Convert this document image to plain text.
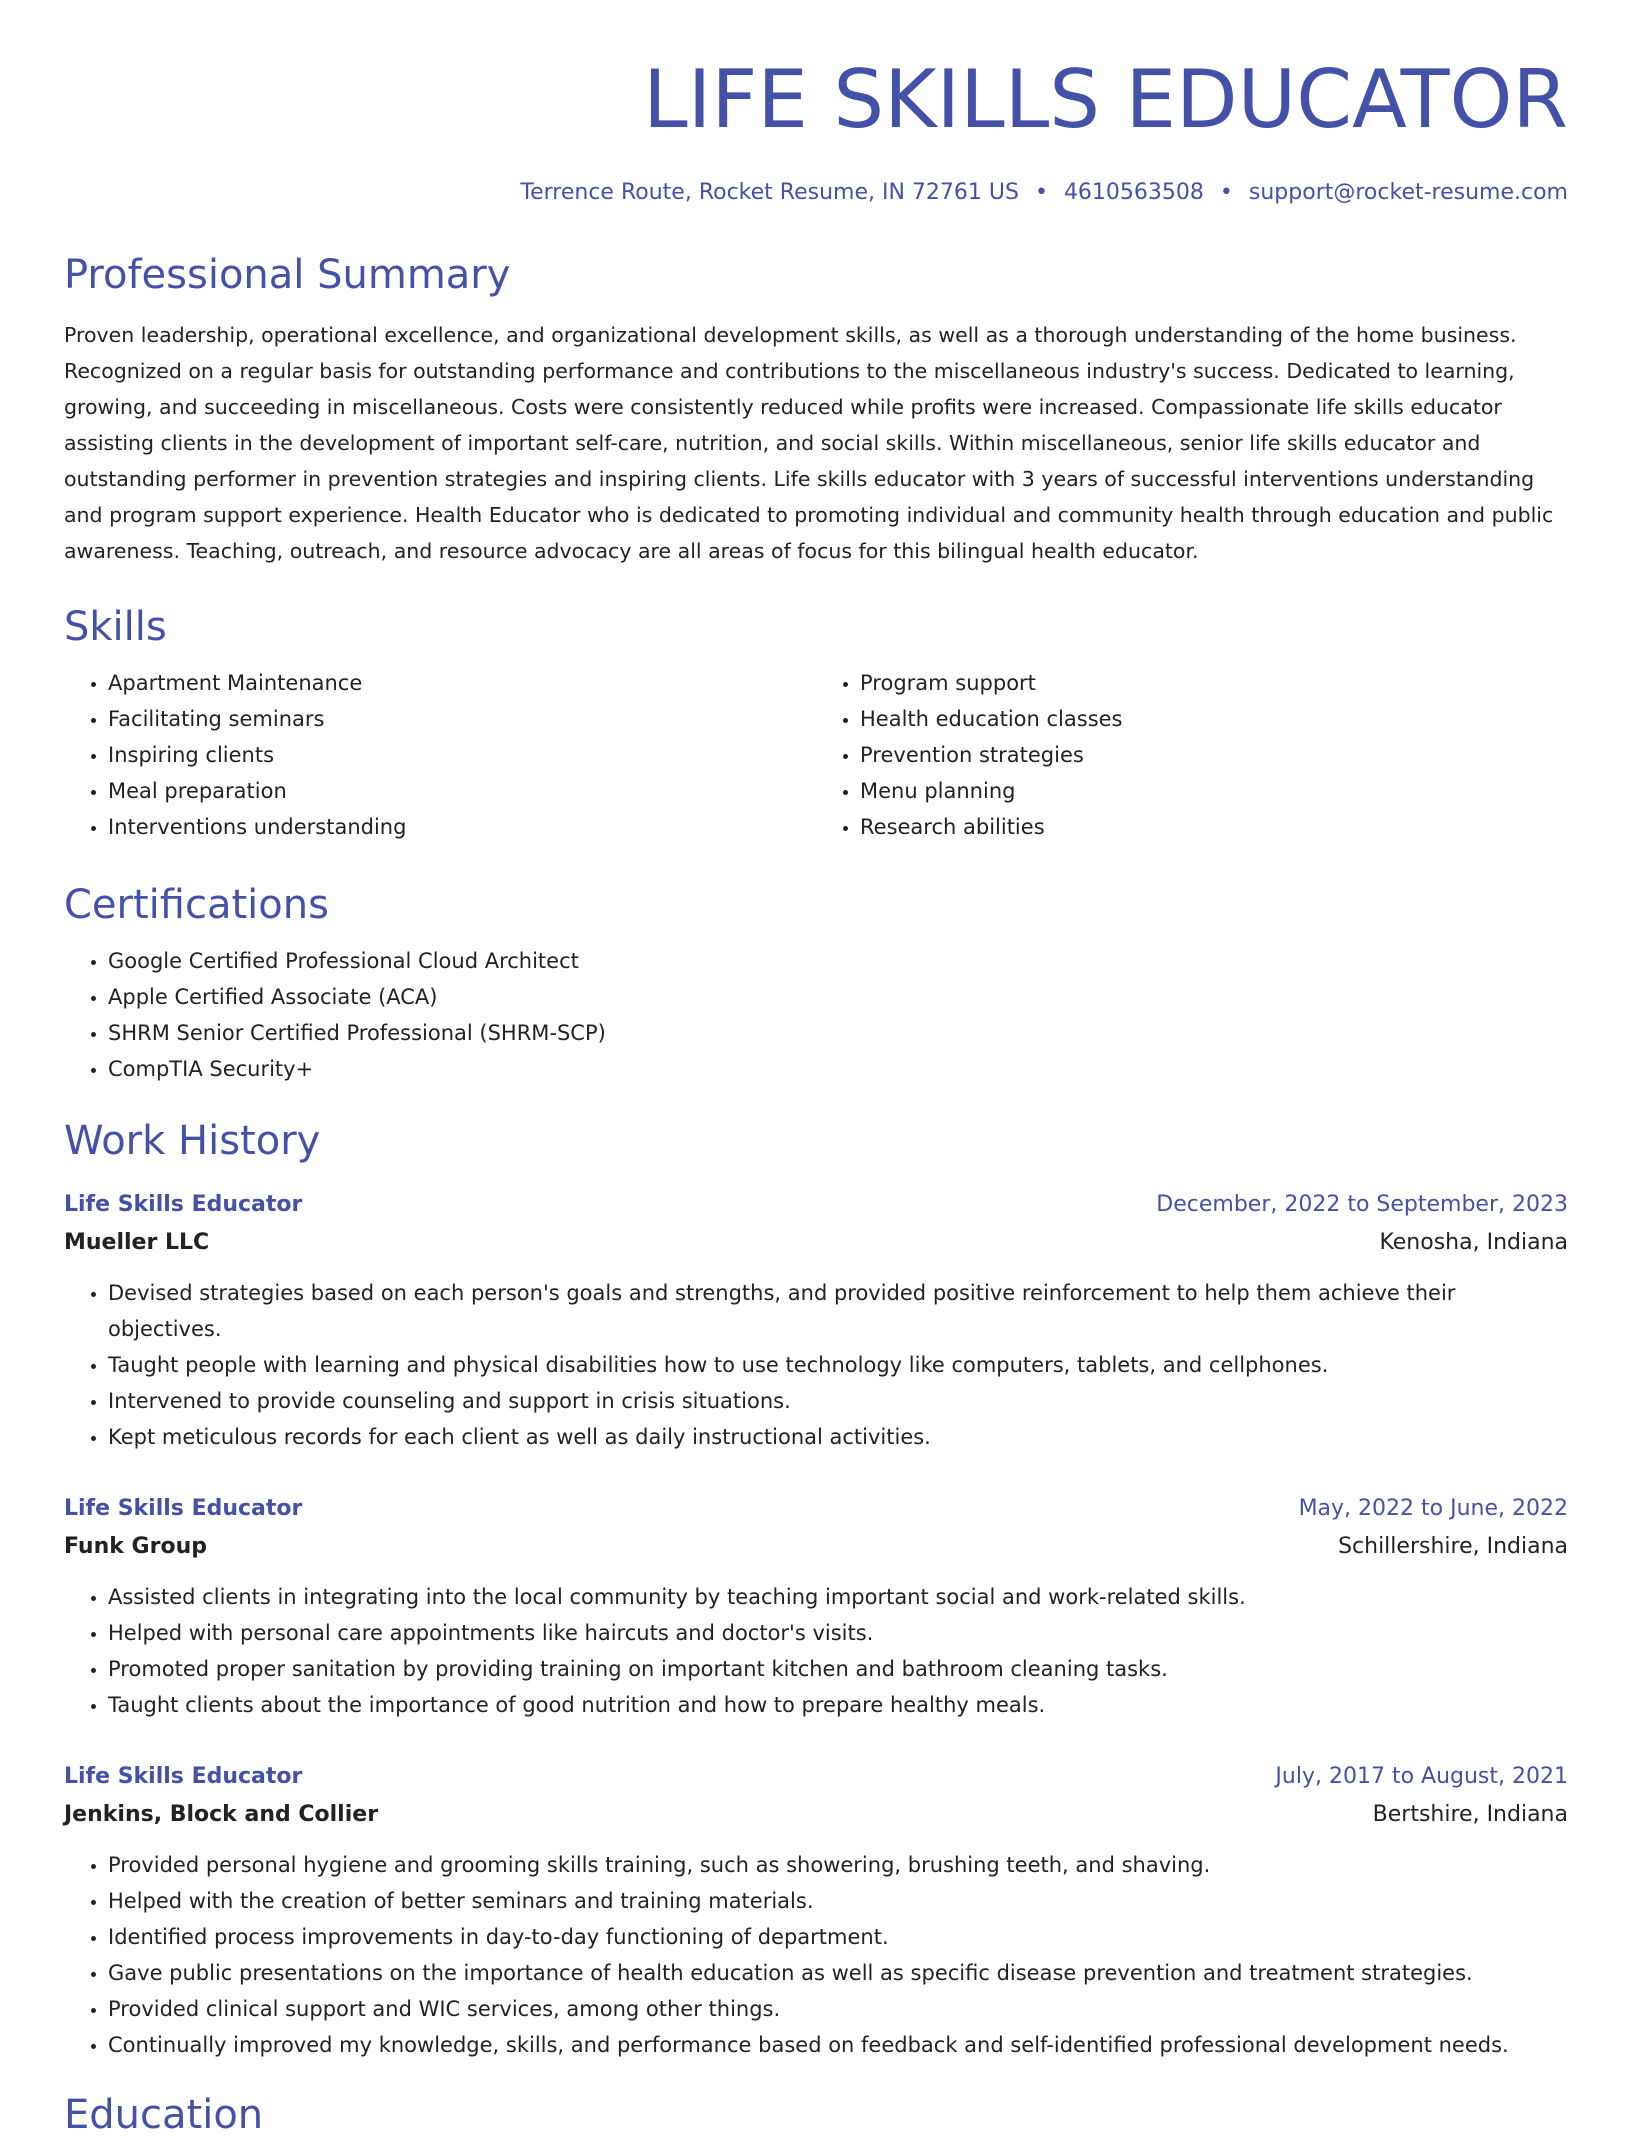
LIFE SKILLS EDUCATOR
Terrence Route, Rocket Resume, IN 72761 US • 4610563508 • support@rocket-resume.com
Professional Summary

Proven leadership, operational excellence, and organizational development skills, as well as a thorough understanding of the home business. Recognized on a regular basis for outstanding performance and contributions to the miscellaneous industry's success. Dedicated to learning, growing, and succeeding in miscellaneous. Costs were consistently reduced while profits were increased. Compassionate life skills educator assisting clients in the development of important self-care, nutrition, and social skills. Within miscellaneous, senior life skills educator and outstanding performer in prevention strategies and inspiring clients. Life skills educator with 3 years of successful interventions understanding and program support experience. Health Educator who is dedicated to promoting individual and community health through education and public awareness. Teaching, outreach, and resource advocacy are all areas of focus for this bilingual health educator.

Skills
• Apartment Maintenance
• Facilitating seminars
• Inspiring clients
• Meal preparation
• Interventions understanding
• Program support
• Health education classes
• Prevention strategies
• Menu planning
• Research abilities
Certifications
• Google Certified Professional Cloud Architect
• Apple Certified Associate (ACA)
• SHRM Senior Certified Professional (SHRM-SCP)
• CompTIA Security+
Work History
Life Skills Educator	December, 2022 to September, 2023
Mueller LLC	Kenosha, Indiana
• Devised strategies based on each person's goals and strengths, and provided positive reinforcement to help them achieve their objectives.
• Taught people with learning and physical disabilities how to use technology like computers, tablets, and cellphones.
• Intervened to provide counseling and support in crisis situations.
• Kept meticulous records for each client as well as daily instructional activities.
Life Skills Educator	May, 2022 to June, 2022
Funk Group	Schillershire, Indiana
• Assisted clients in integrating into the local community by teaching important social and work-related skills.
• Helped with personal care appointments like haircuts and doctor's visits.
• Promoted proper sanitation by providing training on important kitchen and bathroom cleaning tasks.
• Taught clients about the importance of good nutrition and how to prepare healthy meals.
Life Skills Educator	July, 2017 to August, 2021
Jenkins, Block and Collier	Bertshire, Indiana
• Provided personal hygiene and grooming skills training, such as showering, brushing teeth, and shaving.
• Helped with the creation of better seminars and training materials.
• Identified process improvements in day-to-day functioning of department.
• Gave public presentations on the importance of health education as well as specific disease prevention and treatment strategies.
• Provided clinical support and WIC services, among other things.
• Continually improved my knowledge, skills, and performance based on feedback and self-identified professional development needs.
Education
